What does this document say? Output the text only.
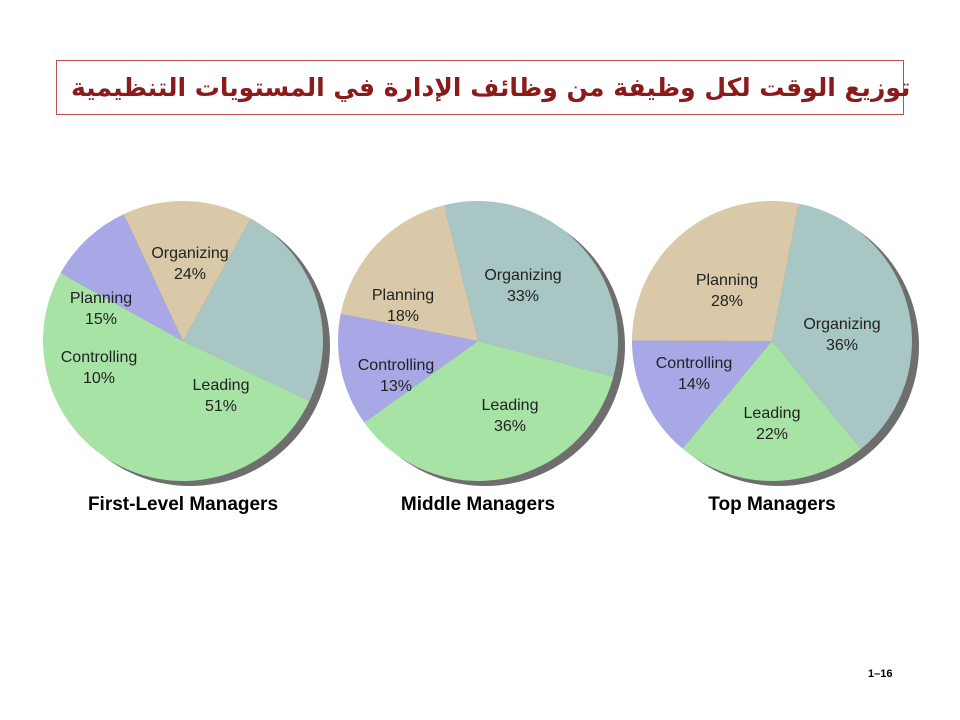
توزيع الوقت لكل وظيفة من وظائف الإدارة في المستويات التنظيمية
Organizing
24%
Leading
51%
Controlling
10%
Planning
15%
First-Level Managers
Organizing
33%
Leading
36%
Controlling
13%
Planning
18%
Middle Managers
Organizing
36%
Leading
22%
Controlling
14%
Planning
28%
Top Managers
1–16
